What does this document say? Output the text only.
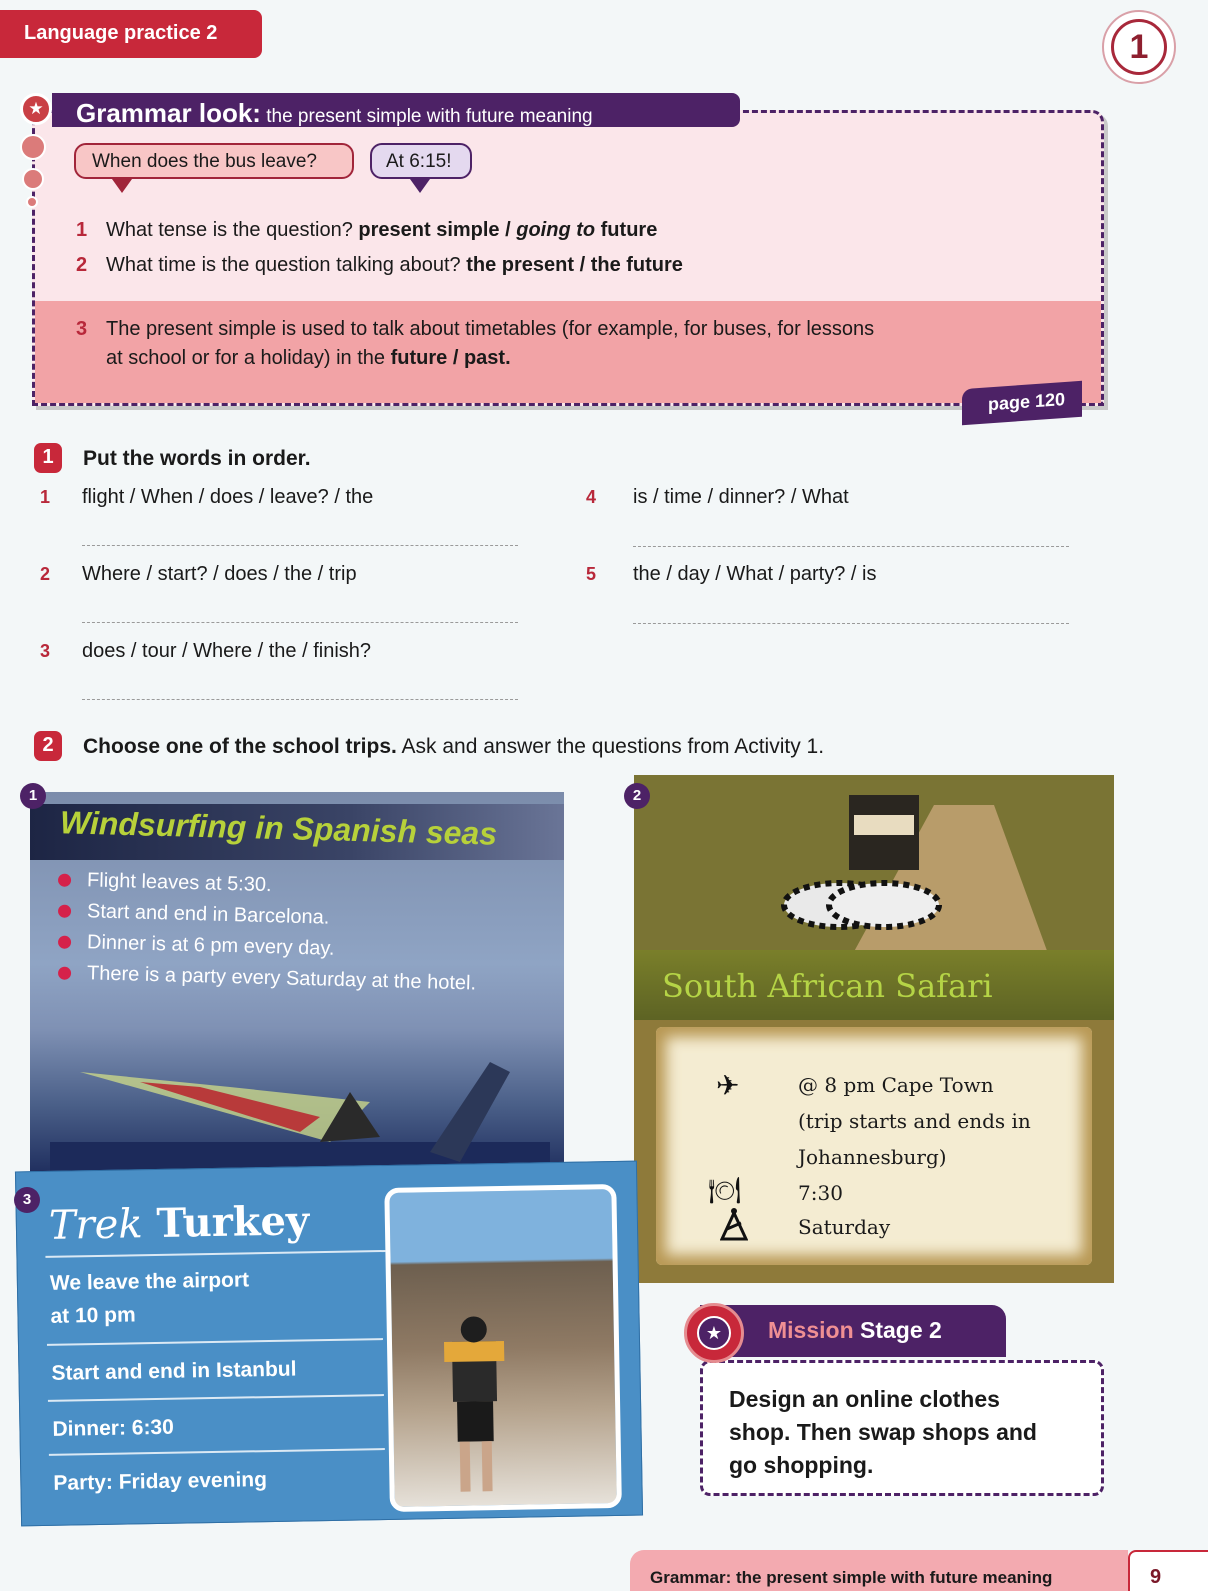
Language practice 2	1
★	Grammar look: the present simple with future meaning
When does the bus leave?	At 6:15!
1 What tense is the question? present simple / going to future
2 What time is the question talking about? the present / the future
3 The present simple is used to talk about timetables (for example, for buses, for lessons
at school or for a holiday) in the future / past.
page 120
1	Put the words in order.
1 flight / When / does / leave? / the
2 Where / start? / does / the / trip
3 does / tour / Where / the / finish?
4 is / time / dinner? / What
5 the / day / What / party? / is
2	Choose one of the school trips. Ask and answer the questions from Activity 1.
Windsurfing in Spanish seas
Flight leaves at 5:30.
Start and end in Barcelona.
Dinner is at 6 pm every day.
There is a party every Saturday at the hotel.
1
South African Safari
✈	@ 8 pm Cape Town
(trip starts and ends in
Johannesburg)
🍽	7:30
Saturday
2
Trek Turkey
We leave the airport
at 10 pm
Start and end in Istanbul
Dinner: 6:30
Party: Friday evening
3
Mission Stage 2
★
Design an online clothes
shop. Then swap shops and
go shopping.
Grammar: the present simple with future meaning	9
